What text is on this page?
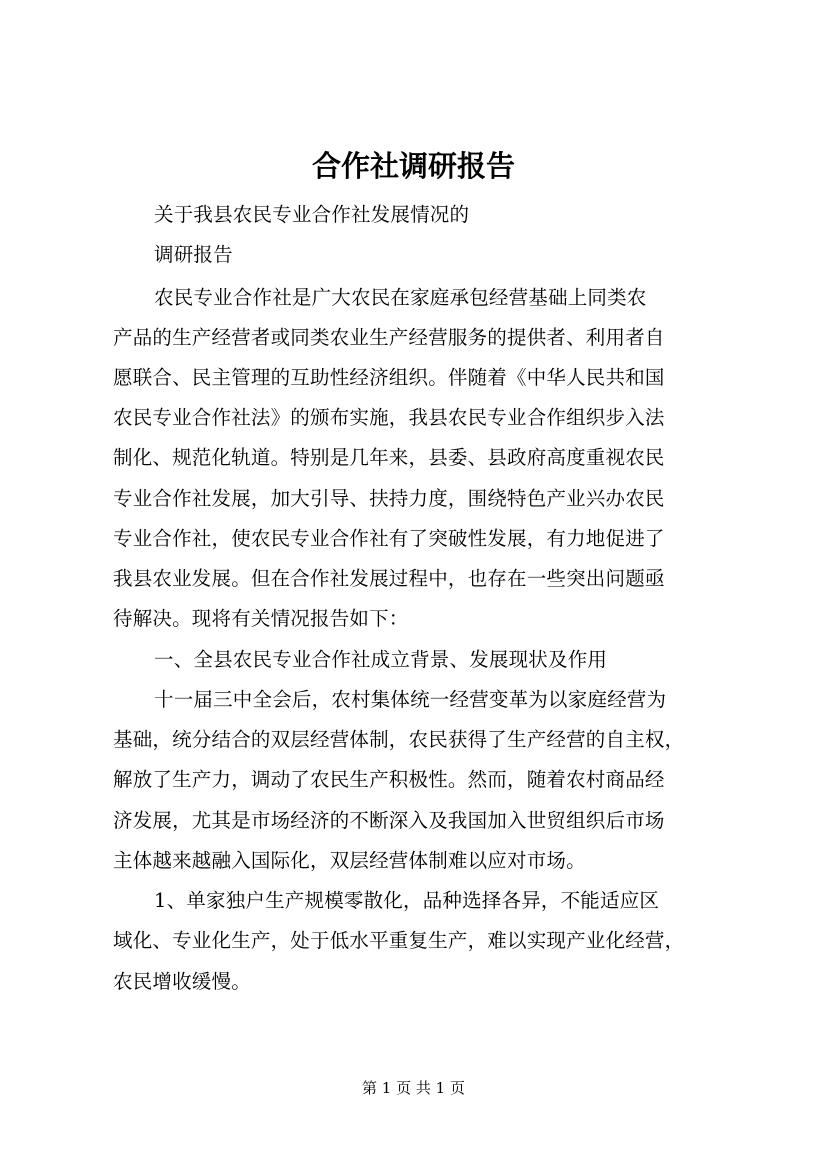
合作社调研报告
关于我县农民专业合作社发展情况的
调研报告
农民专业合作社是广大农民在家庭承包经营基础上同类农
产品的生产经营者或同类农业生产经营服务的提供者、利用者自
愿联合、民主管理的互助性经济组织。伴随着《中华人民共和国
农民专业合作社法》的颁布实施，我县农民专业合作组织步入法
制化、规范化轨道。特别是几年来，县委、县政府高度重视农民
专业合作社发展，加大引导、扶持力度，围绕特色产业兴办农民
专业合作社，使农民专业合作社有了突破性发展，有力地促进了
我县农业发展。但在合作社发展过程中，也存在一些突出问题亟
待解决。现将有关情况报告如下：
一、全县农民专业合作社成立背景、发展现状及作用
十一届三中全会后，农村集体统一经营变革为以家庭经营为
基础，统分结合的双层经营体制，农民获得了生产经营的自主权，
解放了生产力，调动了农民生产积极性。然而，随着农村商品经
济发展，尤其是市场经济的不断深入及我国加入世贸组织后市场
主体越来越融入国际化，双层经营体制难以应对市场。
1、单家独户生产规模零散化，品种选择各异，不能适应区
域化、专业化生产，处于低水平重复生产，难以实现产业化经营，
农民增收缓慢。
第 1 页 共 1 页
